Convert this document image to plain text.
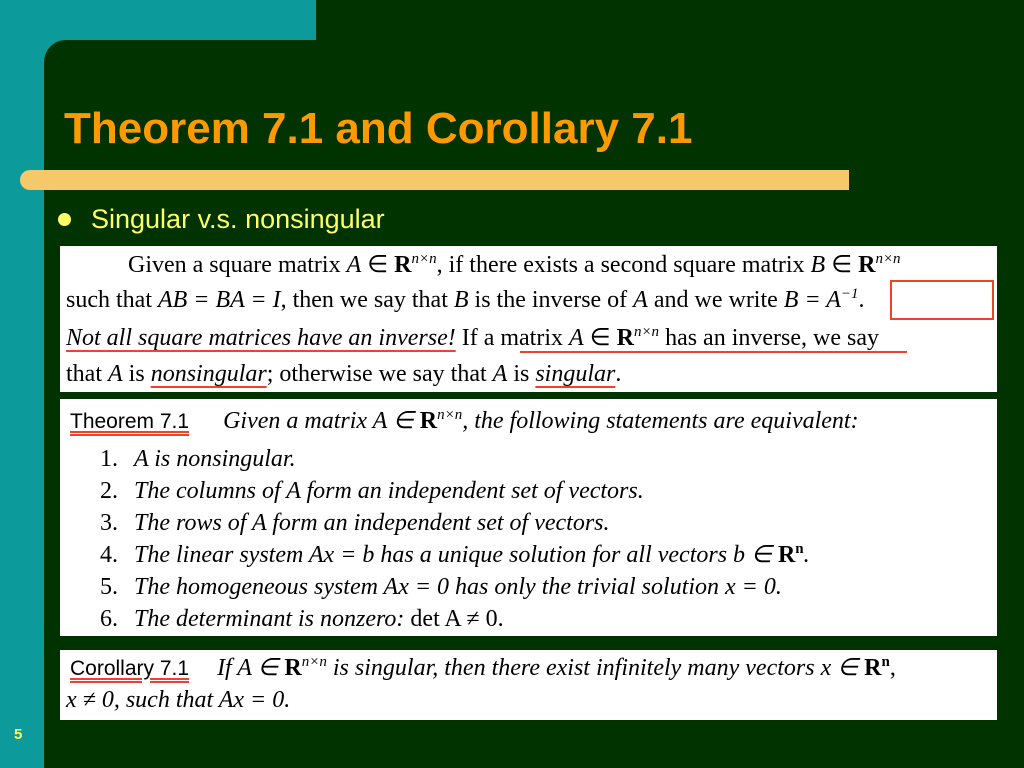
Theorem 7.1 and Corollary 7.1
Singular v.s. nonsingular
Given a square matrix A ∈ $R^{n\times n}$, if there exists a second square matrix B ∈ $R^{n\times n}$
such that AB = BA = I, then we say that B is the inverse of A and we write $B = A^{-1}$.
Not all square matrices have an inverse! If a matrix A ∈ $R^{n\times n}$ has an inverse, we say
that A is nonsingular; otherwise we say that A is singular.
Theorem 7.1 Given a matrix A ∈ $R^{n\times n}$, the following statements are equivalent:
1. A is nonsingular.
2. The columns of A form an independent set of vectors.
3. The rows of A form an independent set of vectors.
4. The linear system Ax = b has a unique solution for all vectors b ∈ $R^n$.
5. The homogeneous system Ax = 0 has only the trivial solution x = 0.
6. The determinant is nonzero: det A ≠ 0.
Corollary 7.1 If A ∈ $R^{n\times n}$ is singular, then there exist infinitely many vectors x ∈ $R^n$,
x ≠ 0, such that Ax = 0.
5
